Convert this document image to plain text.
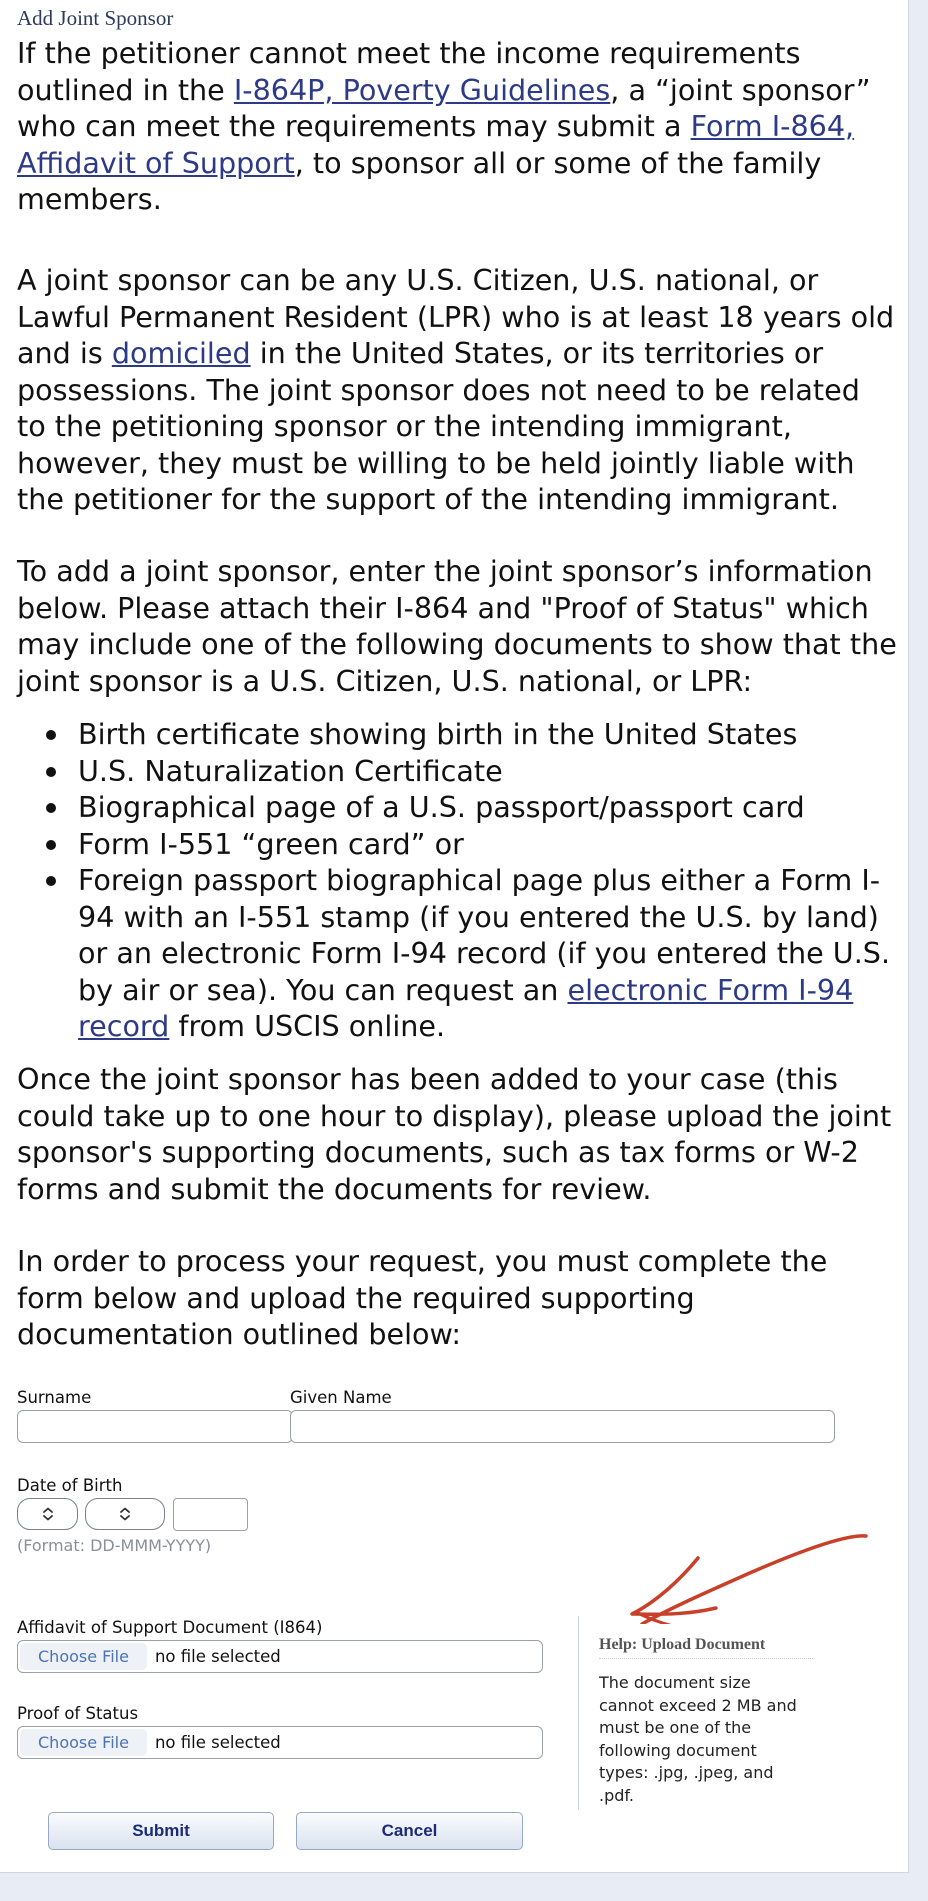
Add Joint Sponsor

If the petitioner cannot meet the income requirements outlined in the I-864P, Poverty Guidelines, a “joint sponsor” who can meet the requirements may submit a Form I-864, Affidavit of Support, to sponsor all or some of the family members.

A joint sponsor can be any U.S. Citizen, U.S. national, or Lawful Permanent Resident (LPR) who is at least 18 years old and is domiciled in the United States, or its territories or possessions. The joint sponsor does not need to be related to the petitioning sponsor or the intending immigrant, however, they must be willing to be held jointly liable with the petitioner for the support of the intending immigrant.

To add a joint sponsor, enter the joint sponsor’s information below. Please attach their I-864 and "Proof of Status" which may include one of the following documents to show that the joint sponsor is a U.S. Citizen, U.S. national, or LPR:

Birth certificate showing birth in the United States
U.S. Naturalization Certificate
Biographical page of a U.S. passport/passport card
Form I-551 “green card” or
Foreign passport biographical page plus either a Form I-94 with an I-551 stamp (if you entered the U.S. by land) or an electronic Form I-94 record (if you entered the U.S. by air or sea). You can request an electronic Form I-94 record from USCIS online.

Once the joint sponsor has been added to your case (this could take up to one hour to display), please upload the joint sponsor's supporting documents, such as tax forms or W-2 forms and submit the documents for review.

In order to process your request, you must complete the form below and upload the required supporting documentation outlined below:

Surname	Given Name
Date of Birth
(Format: DD-MMM-YYYY)
Affidavit of Support Document (I864)
Choose File	no file selected
Proof of Status
Choose File	no file selected
Help: Upload Document
The document size cannot exceed 2 MB and must be one of the following document types: .jpg, .jpeg, and .pdf.
Submit	Cancel
